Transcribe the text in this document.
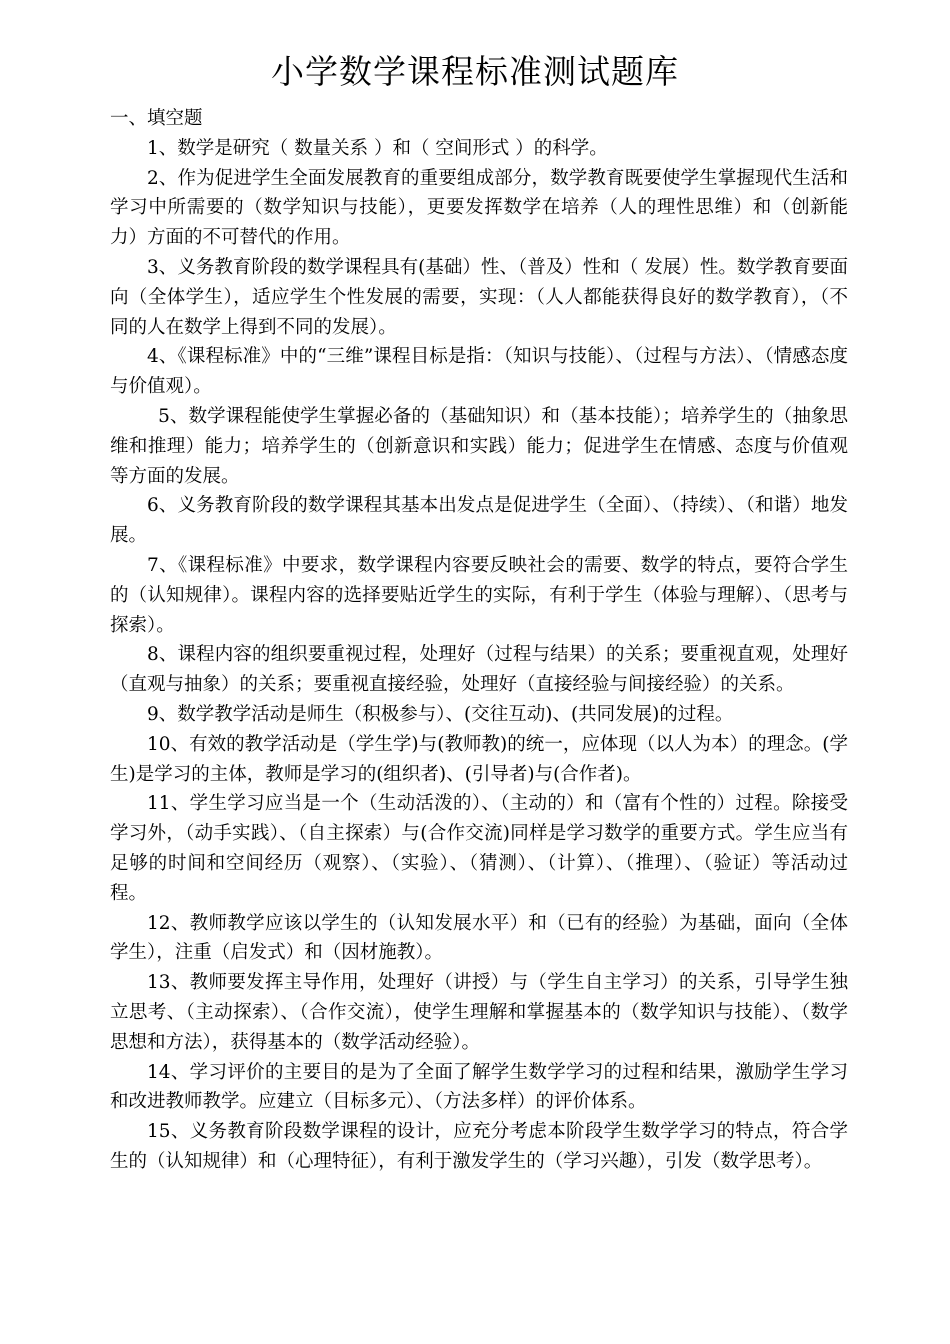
小学数学课程标准测试题库

一、填空题

1、数学是研究（ 数量关系 ）和（ 空间形式 ）的科学。

2、作为促进学生全面发展教育的重要组成部分，数学教育既要使学生掌握现代生活和学习中所需要的（数学知识与技能），更要发挥数学在培养（人的理性思维）和（创新能力）方面的不可替代的作用。

3、义务教育阶段的数学课程具有(基础）性、（普及）性和（ 发展）性。数学教育要面向（全体学生），适应学生个性发展的需要，实现：（人人都能获得良好的数学教育），（不同的人在数学上得到不同的发展）。

4、《课程标准》中的“三维”课程目标是指：（知识与技能）、（过程与方法）、（情感态度与价值观）。

5、数学课程能使学生掌握必备的（基础知识）和（基本技能）；培养学生的（抽象思维和推理）能力；培养学生的（创新意识和实践）能力；促进学生在情感、态度与价值观等方面的发展。

6、义务教育阶段的数学课程其基本出发点是促进学生（全面）、（持续）、（和谐）地发展。

7、《课程标准》中要求，数学课程内容要反映社会的需要、数学的特点，要符合学生的（认知规律）。课程内容的选择要贴近学生的实际，有利于学生（体验与理解）、（思考与探索）。

8、课程内容的组织要重视过程，处理好（过程与结果）的关系；要重视直观，处理好（直观与抽象）的关系；要重视直接经验，处理好（直接经验与间接经验）的关系。

9、数学教学活动是师生（积极参与）、(交往互动)、(共同发展)的过程。

10、有效的教学活动是（学生学)与(教师教)的统一，应体现（以人为本）的理念。(学生)是学习的主体，教师是学习的(组织者)、(引导者)与(合作者)。

11、学生学习应当是一个（生动活泼的）、（主动的）和（富有个性的）过程。除接受学习外，（动手实践）、（自主探索）与(合作交流)同样是学习数学的重要方式。学生应当有足够的时间和空间经历（观察）、（实验）、（猜测）、（计算）、（推理）、（验证）等活动过程。

12、教师教学应该以学生的（认知发展水平）和（已有的经验）为基础，面向（全体学生），注重（启发式）和（因材施教）。

13、教师要发挥主导作用，处理好（讲授）与（学生自主学习）的关系，引导学生独立思考、（主动探索）、（合作交流），使学生理解和掌握基本的（数学知识与技能）、（数学思想和方法），获得基本的（数学活动经验）。

14、学习评价的主要目的是为了全面了解学生数学学习的过程和结果，激励学生学习和改进教师教学。应建立（目标多元）、（方法多样）的评价体系。

15、义务教育阶段数学课程的设计，应充分考虑本阶段学生数学学习的特点，符合学生的（认知规律）和（心理特征），有利于激发学生的（学习兴趣），引发（数学思考）。
